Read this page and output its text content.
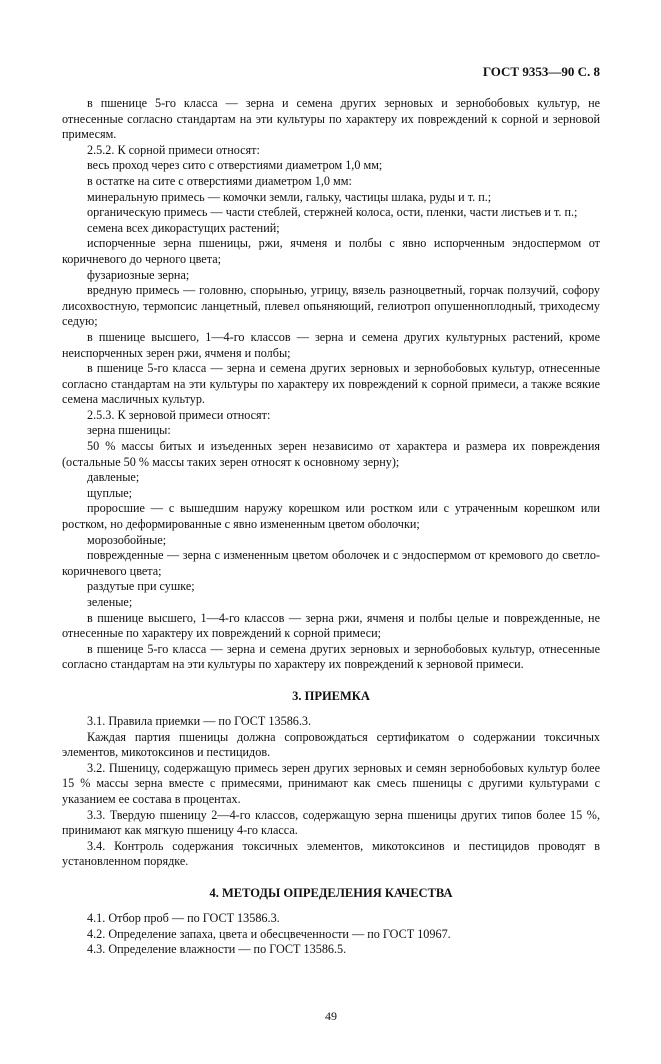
ГОСТ 9353—90 С. 8

в пшенице 5-го класса — зерна и семена других зерновых и зернобобовых культур, не отнесенные согласно стандартам на эти культуры по характеру их повреждений к сорной и зерновой примесям.

2.5.2. К сорной примеси относят:

весь проход через сито с отверстиями диаметром 1,0 мм;

в остатке на сите с отверстиями диаметром 1,0 мм:

минеральную примесь — комочки земли, гальку, частицы шлака, руды и т. п.;

органическую примесь — части стеблей, стержней колоса, ости, пленки, части листьев и т. п.;

семена всех дикорастущих растений;

испорченные зерна пшеницы, ржи, ячменя и полбы с явно испорченным эндоспермом от коричневого до черного цвета;

фузариозные зерна;

вредную примесь — головню, спорынью, угрицу, вязель разноцветный, горчак ползучий, софору лисохвостную, термопсис ланцетный, плевел опьяняющий, гелиотроп опушенноплодный, триходесму седую;

в пшенице высшего, 1—4-го классов — зерна и семена других культурных растений, кроме неиспорченных зерен ржи, ячменя и полбы;

в пшенице 5-го класса — зерна и семена других зерновых и зернобобовых культур, отнесенные согласно стандартам на эти культуры по характеру их повреждений к сорной примеси, а также всякие семена масличных культур.

2.5.3. К зерновой примеси относят:

зерна пшеницы:

50 % массы битых и изъеденных зерен независимо от характера и размера их повреждения (остальные 50 % массы таких зерен относят к основному зерну);

давленые;

щуплые;

проросшие — с вышедшим наружу корешком или ростком или с утраченным корешком или ростком, но деформированные с явно измененным цветом оболочки;

морозобойные;

поврежденные — зерна с измененным цветом оболочек и с эндоспермом от кремового до светло-коричневого цвета;

раздутые при сушке;

зеленые;

в пшенице высшего, 1—4-го классов — зерна ржи, ячменя и полбы целые и поврежденные, не отнесенные по характеру их повреждений к сорной примеси;

в пшенице 5-го класса — зерна и семена других зерновых и зернобобовых культур, отнесенные согласно стандартам на эти культуры по характеру их повреждений к зерновой примеси.

3. ПРИЕМКА

3.1. Правила приемки — по ГОСТ 13586.3.

Каждая партия пшеницы должна сопровождаться сертификатом о содержании токсичных элементов, микотоксинов и пестицидов.

3.2. Пшеницу, содержащую примесь зерен других зерновых и семян зернобобовых культур более 15 % массы зерна вместе с примесями, принимают как смесь пшеницы с другими культурами с указанием ее состава в процентах.

3.3. Твердую пшеницу 2—4-го классов, содержащую зерна пшеницы других типов более 15 %, принимают как мягкую пшеницу 4-го класса.

3.4. Контроль содержания токсичных элементов, микотоксинов и пестицидов проводят в установленном порядке.

4. МЕТОДЫ ОПРЕДЕЛЕНИЯ КАЧЕСТВА

4.1. Отбор проб — по ГОСТ 13586.3.

4.2. Определение запаха, цвета и обесцвеченности — по ГОСТ 10967.

4.3. Определение влажности — по ГОСТ 13586.5.

49
